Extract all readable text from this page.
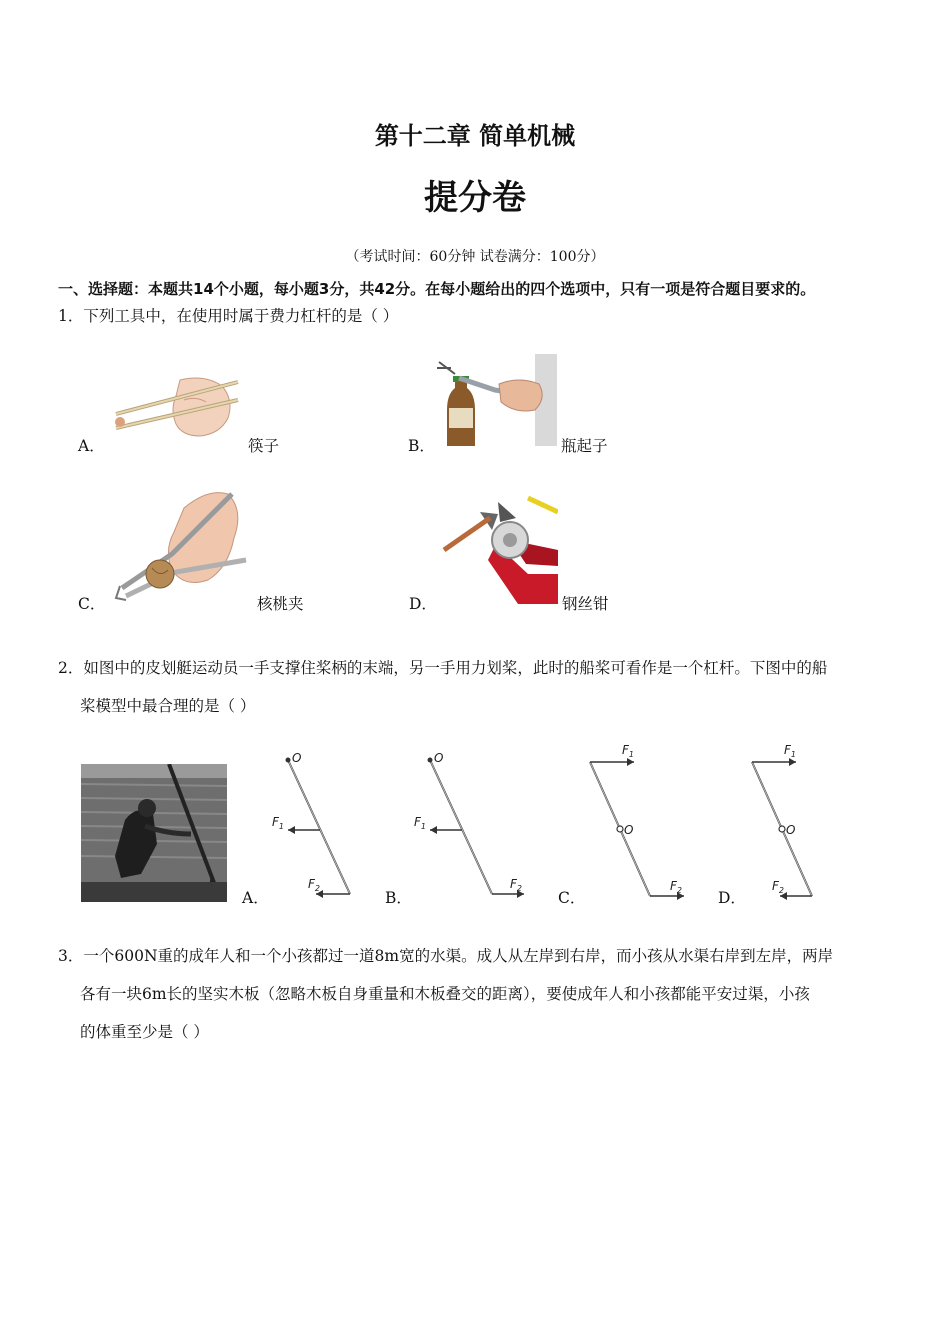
第十二章 简单机械
提分卷
（考试时间：60分钟 试卷满分：100分）
一、选择题：本题共14个小题，每小题3分，共42分。在每小题给出的四个选项中，只有一项是符合题目要求的。
1．下列工具中，在使用时属于费力杠杆的是（ ）
A．	筷子	B．	瓶起子
C．	核桃夹	D．	钢丝钳
2．如图中的皮划艇运动员一手支撑住桨柄的末端，另一手用力划桨，此时的船桨可看作是一个杠杆。下图中的船
桨模型中最合理的是（ ）
A．
O
$F_1$
$F_2$
B．
O
$F_1$
$F_2$
C．
O
$F_1$
$F_2$ D．
O
$F_1$
$F_2$
3．一个600N重的成年人和一个小孩都过一道8m宽的水渠。成人从左岸到右岸，而小孩从水渠右岸到左岸，两岸
各有一块6m长的坚实木板（忽略木板自身重量和木板叠交的距离），要使成年人和小孩都能平安过渠，小孩
的体重至少是（ ）
